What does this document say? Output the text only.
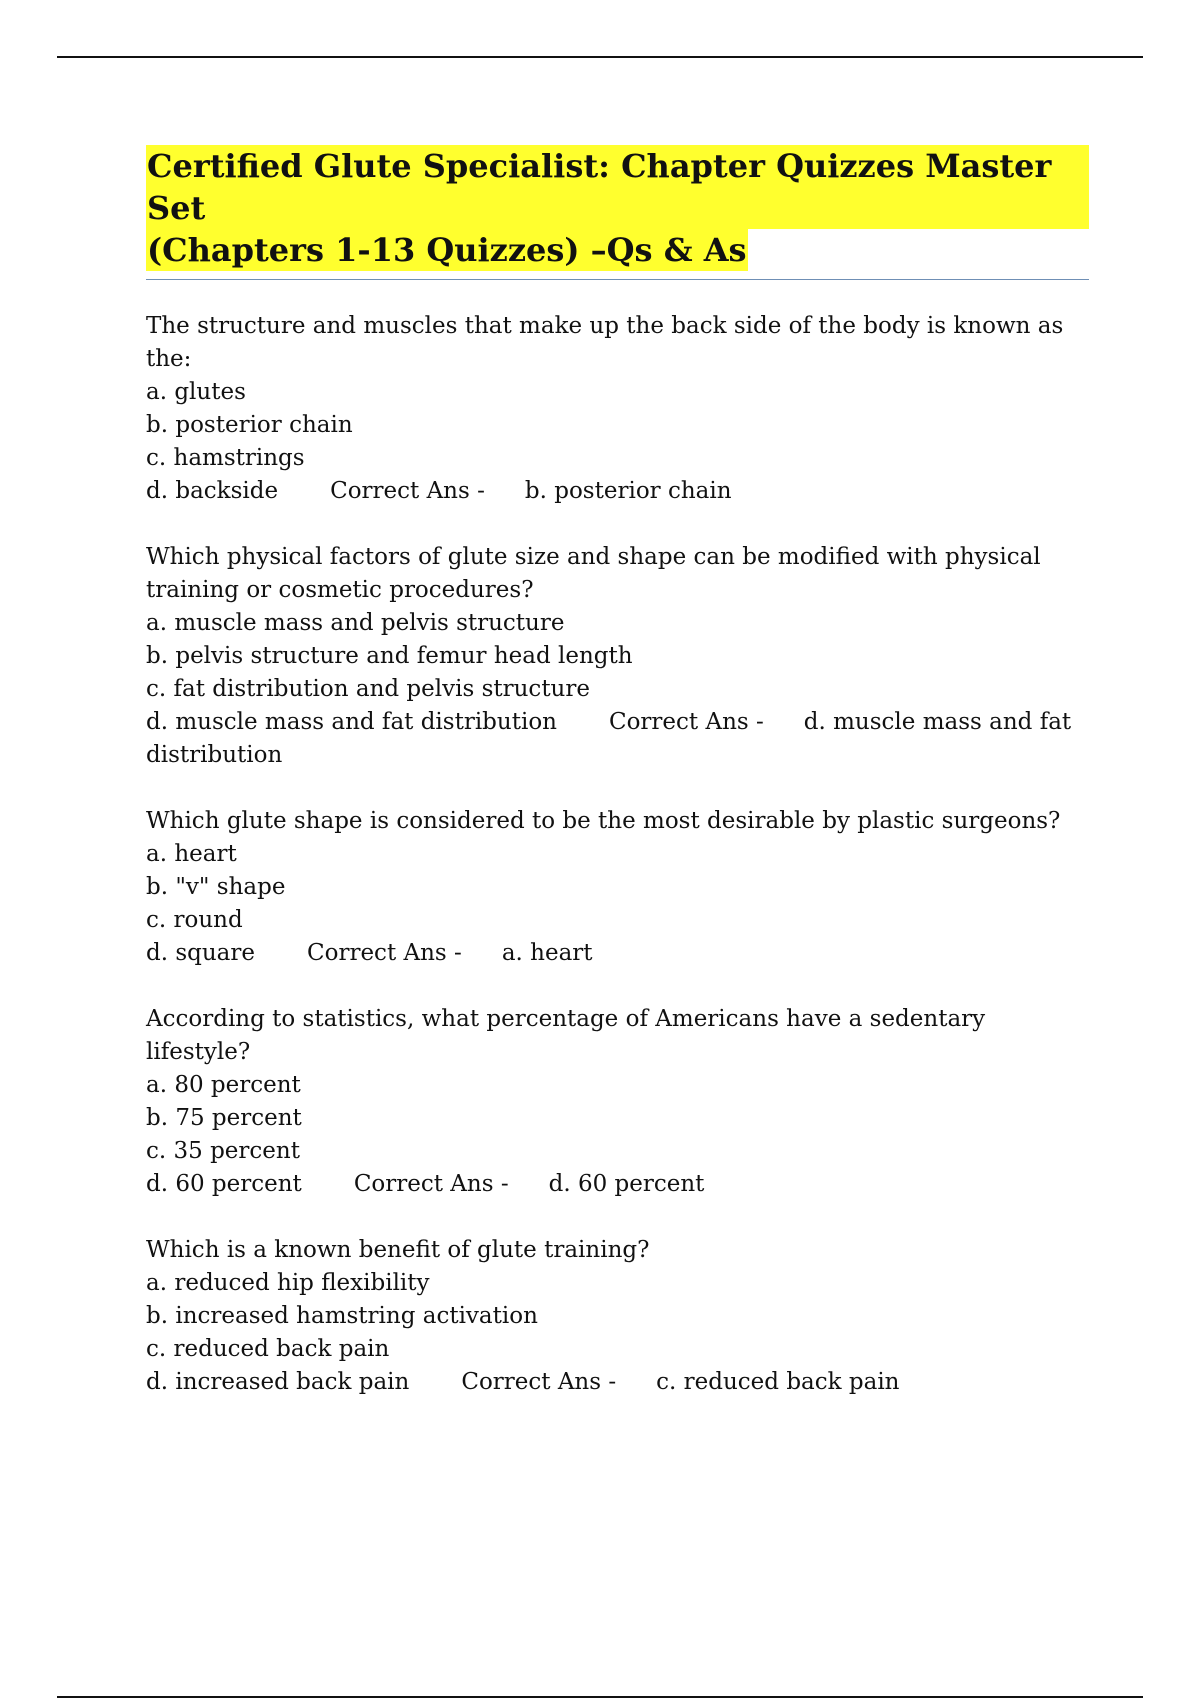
Certified Glute Specialist: Chapter Quizzes Master Set
(Chapters 1-13 Quizzes) –Qs & As
The structure and muscles that make up the back side of the body is known as the:
a. glutes
b. posterior chain
c. hamstrings
d. backside Correct Ans - b. posterior chain
Which physical factors of glute size and shape can be modified with physical training or cosmetic procedures?
a. muscle mass and pelvis structure
b. pelvis structure and femur head length
c. fat distribution and pelvis structure
d. muscle mass and fat distribution Correct Ans - d. muscle mass and fat distribution
Which glute shape is considered to be the most desirable by plastic surgeons?
a. heart
b. "v" shape
c. round
d. square Correct Ans - a. heart
According to statistics, what percentage of Americans have a sedentary lifestyle?
a. 80 percent
b. 75 percent
c. 35 percent
d. 60 percent Correct Ans - d. 60 percent
Which is a known benefit of glute training?
a. reduced hip flexibility
b. increased hamstring activation
c. reduced back pain
d. increased back pain Correct Ans - c. reduced back pain
